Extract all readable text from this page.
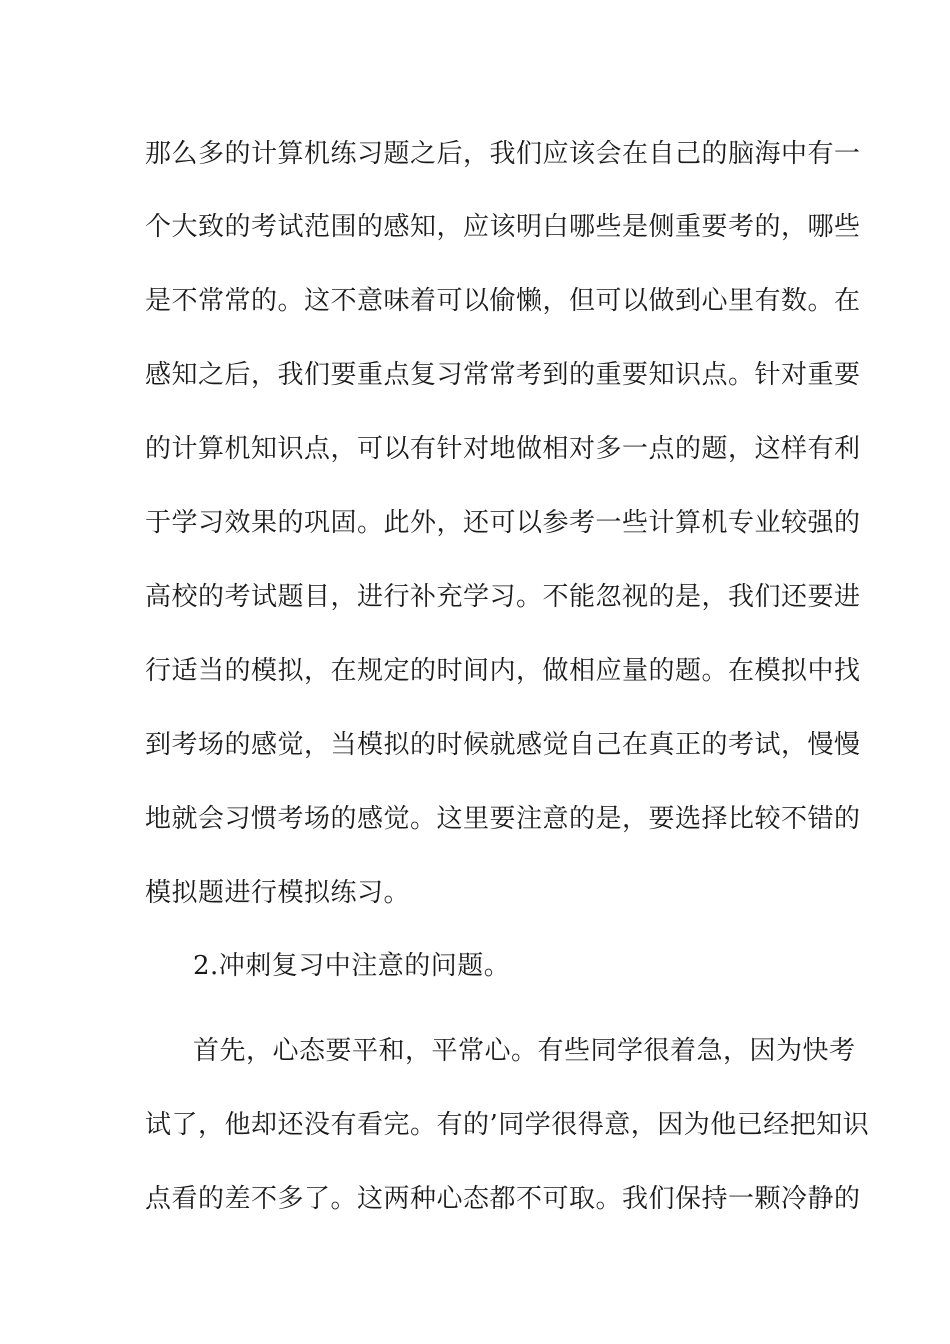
那么多的计算机练习题之后，我们应该会在自己的脑海中有一
个大致的考试范围的感知，应该明白哪些是侧重要考的，哪些
是不常常的。这不意味着可以偷懒，但可以做到心里有数。在
感知之后，我们要重点复习常常考到的重要知识点。针对重要
的计算机知识点，可以有针对地做相对多一点的题，这样有利
于学习效果的巩固。此外，还可以参考一些计算机专业较强的
高校的考试题目，进行补充学习。不能忽视的是，我们还要进
行适当的模拟，在规定的时间内，做相应量的题。在模拟中找
到考场的感觉，当模拟的时候就感觉自己在真正的考试，慢慢
地就会习惯考场的感觉。这里要注意的是，要选择比较不错的
模拟题进行模拟练习。
2.冲刺复习中注意的问题。
首先，心态要平和，平常心。有些同学很着急，因为快考
试了，他却还没有看完。有的’同学很得意，因为他已经把知识
点看的差不多了。这两种心态都不可取。我们保持一颗冷静的
